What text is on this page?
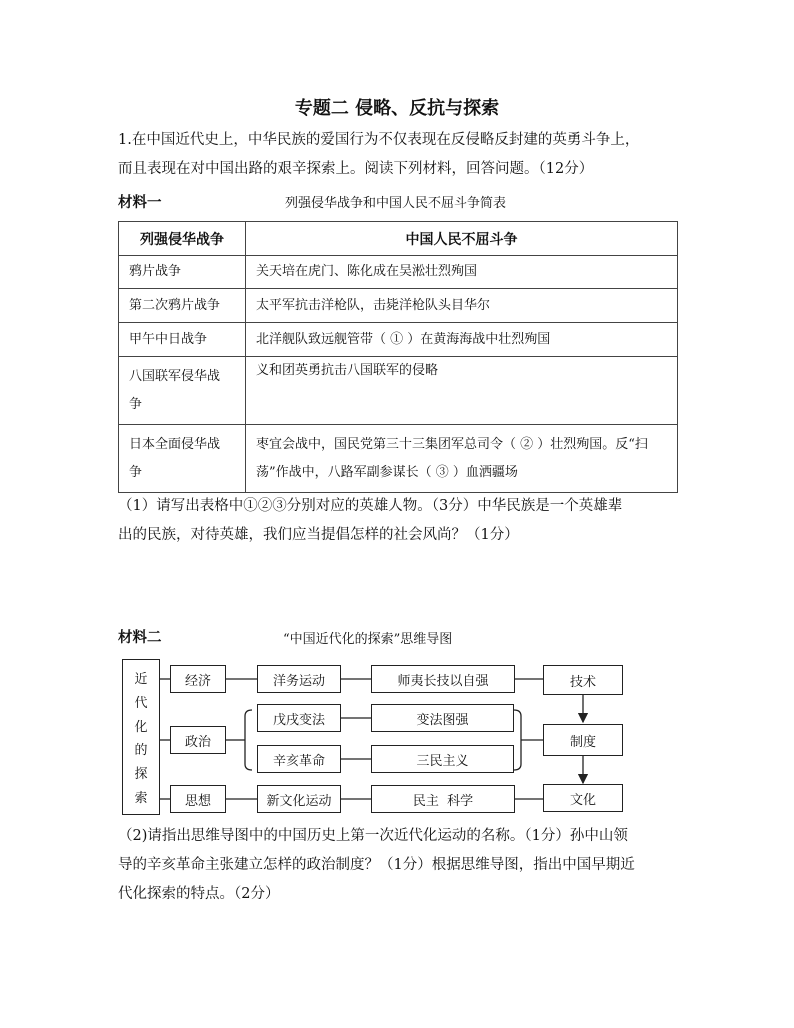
专题二 侵略、反抗与探索
1.在中国近代史上，中华民族的爱国行为不仅表现在反侵略反封建的英勇斗争上，
而且表现在对中国出路的艰辛探索上。阅读下列材料，回答问题。（12分）
材料一	列强侵华战争和中国人民不屈斗争简表
列强侵华战争	中国人民不屈斗争
鸦片战争	关天培在虎门、陈化成在吴淞壮烈殉国
第二次鸦片战争	太平军抗击洋枪队，击毙洋枪队头目华尔
甲午中日战争	北洋舰队致远舰管带（ ① ）在黄海海战中壮烈殉国
八国联军侵华战争	义和团英勇抗击八国联军的侵略
日本全面侵华战争	枣宜会战中，国民党第三十三集团军总司令（ ② ）壮烈殉国。反“扫荡”作战中，八路军副参谋长（ ③ ）血洒疆场
（1）请写出表格中①②③分别对应的英雄人物。（3分）中华民族是一个英雄辈
出的民族，对待英雄，我们应当提倡怎样的社会风尚？（1分）
材料二	“中国近代化的探索”思维导图
近
代
化
的
探
索
经济
政治
思想
洋务运动
戊戌变法
辛亥革命
新文化运动
师夷长技以自强
变法图强
三民主义
民主  科学
技术
制度
文化
（2)请指出思维导图中的中国历史上第一次近代化运动的名称。（1分）孙中山领
导的辛亥革命主张建立怎样的政治制度？（1分）根据思维导图，指出中国早期近
代化探索的特点。（2分）
